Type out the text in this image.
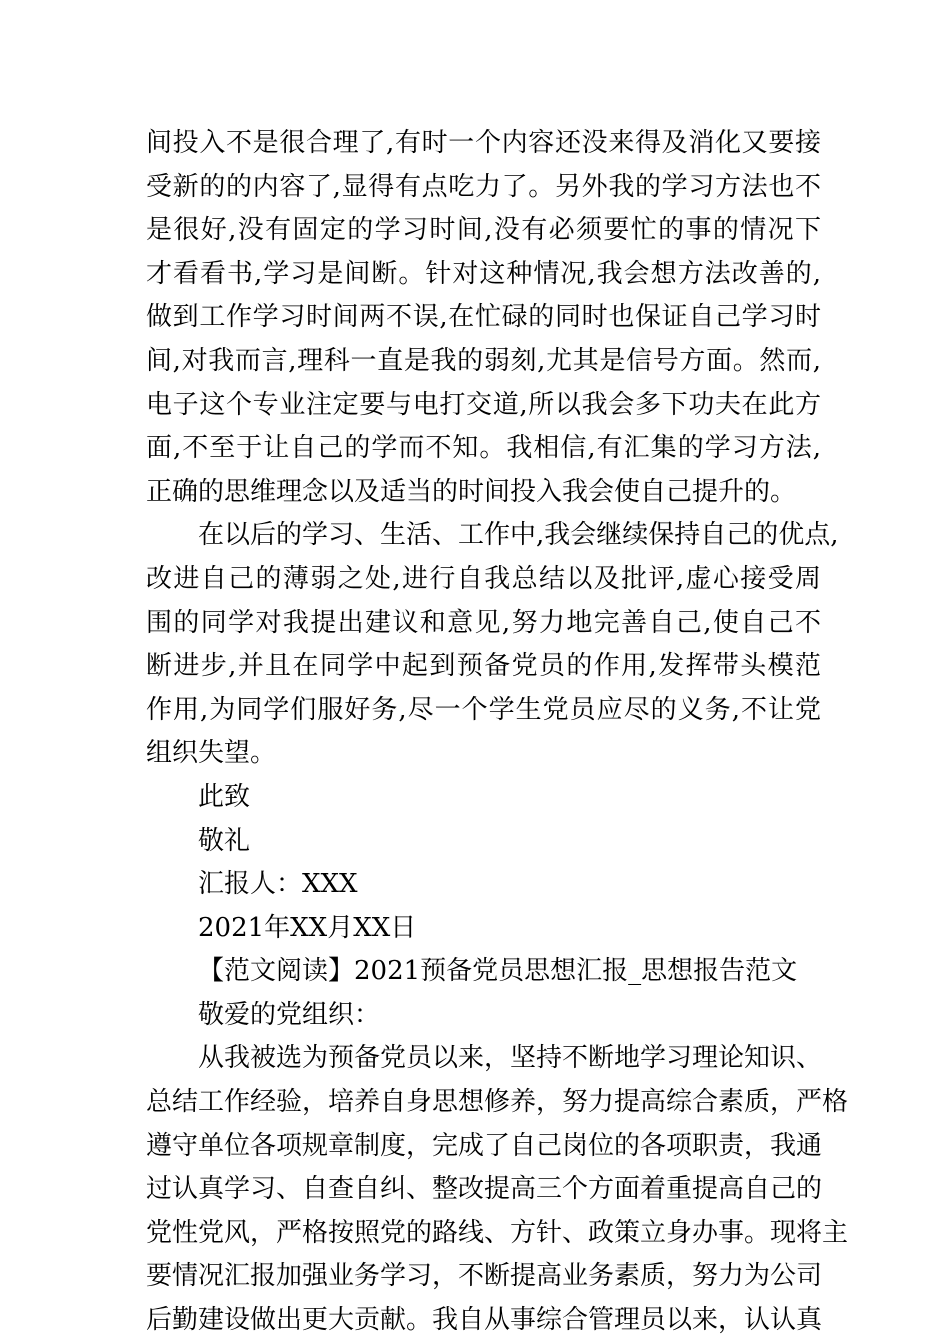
间投入不是很合理了,有时一个内容还没来得及消化又要接
受新的的内容了,显得有点吃力了。另外我的学习方法也不
是很好,没有固定的学习时间,没有必须要忙的事的情况下
才看看书,学习是间断。针对这种情况,我会想方法改善的,
做到工作学习时间两不误,在忙碌的同时也保证自己学习时
间,对我而言,理科一直是我的弱刻,尤其是信号方面。然而,
电子这个专业注定要与电打交道,所以我会多下功夫在此方
面,不至于让自己的学而不知。我相信,有汇集的学习方法,
正确的思维理念以及适当的时间投入我会使自己提升的。
在以后的学习、生活、工作中,我会继续保持自己的优点,
改进自己的薄弱之处,进行自我总结以及批评,虚心接受周
围的同学对我提出建议和意见,努力地完善自己,使自己不
断进步,并且在同学中起到预备党员的作用,发挥带头模范
作用,为同学们服好务,尽一个学生党员应尽的义务,不让党
组织失望。
此致
敬礼
汇报人：XXX
2021年XX月XX日
【范文阅读】2021预备党员思想汇报_思想报告范文
敬爱的党组织：
从我被选为预备党员以来，坚持不断地学习理论知识、
总结工作经验，培养自身思想修养，努力提高综合素质，严格
遵守单位各项规章制度，完成了自己岗位的各项职责，我通
过认真学习、自查自纠、整改提高三个方面着重提高自己的
党性党风，严格按照党的路线、方针、政策立身办事。现将主
要情况汇报加强业务学习，不断提高业务素质，努力为公司
后勤建设做出更大贡献。我自从事综合管理员以来，认认真
